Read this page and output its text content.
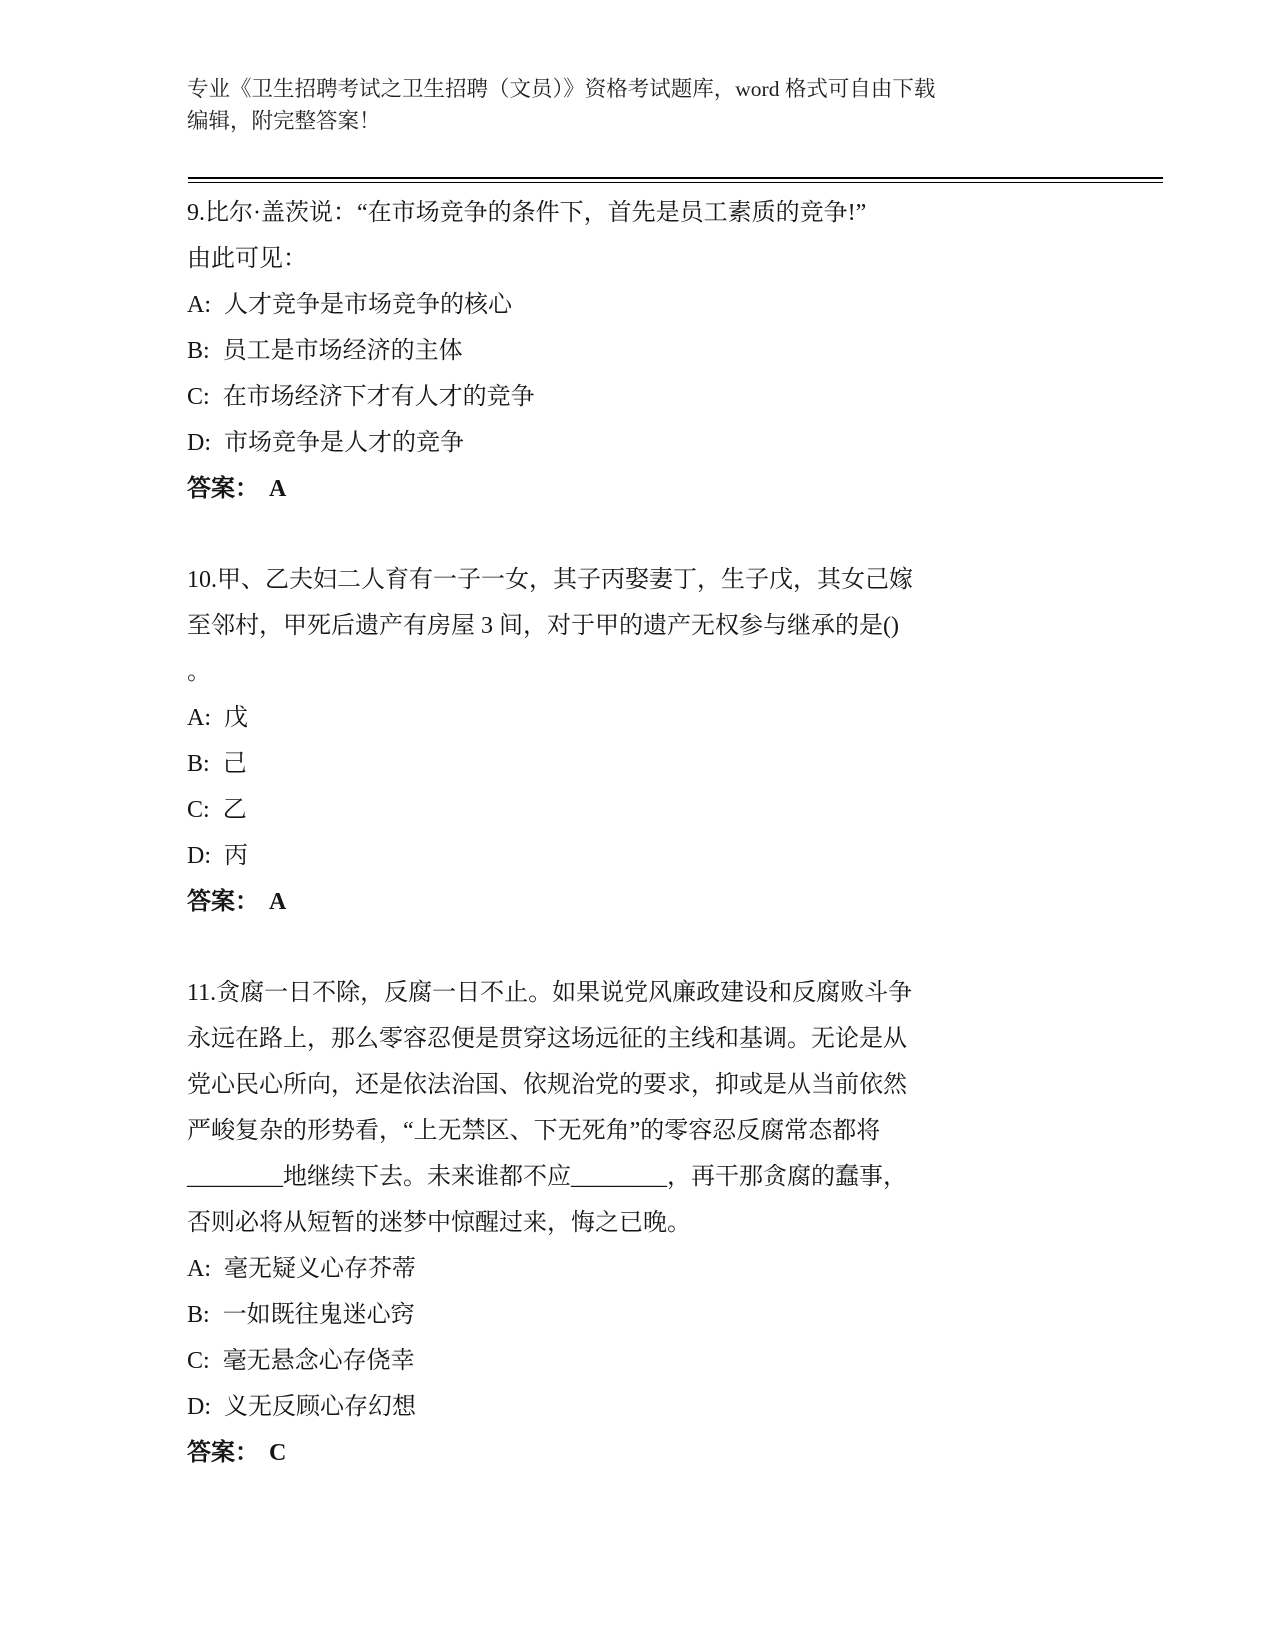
专业《卫生招聘考试之卫生招聘（文员）》资格考试题库，word 格式可自由下载
编辑，附完整答案！
9.比尔·盖茨说：“在市场竞争的条件下，首先是员工素质的竞争!”
由此可见：
A: 人才竞争是市场竞争的核心
B: 员工是市场经济的主体
C: 在市场经济下才有人才的竞争
D: 市场竞争是人才的竞争
答案： A
10.甲、乙夫妇二人育有一子一女，其子丙娶妻丁，生子戊，其女己嫁
至邻村，甲死后遗产有房屋 3 间，对于甲的遗产无权参与继承的是()
。
A: 戊
B: 己
C: 乙
D: 丙
答案： A
11.贪腐一日不除，反腐一日不止。如果说党风廉政建设和反腐败斗争
永远在路上，那么零容忍便是贯穿这场远征的主线和基调。无论是从
党心民心所向，还是依法治国、依规治党的要求，抑或是从当前依然
严峻复杂的形势看，“上无禁区、下无死角”的零容忍反腐常态都将
________地继续下去。未来谁都不应________，再干那贪腐的蠢事，
否则必将从短暂的迷梦中惊醒过来，悔之已晚。
A: 毫无疑义心存芥蒂
B: 一如既往鬼迷心窍
C: 毫无悬念心存侥幸
D: 义无反顾心存幻想
答案： C
